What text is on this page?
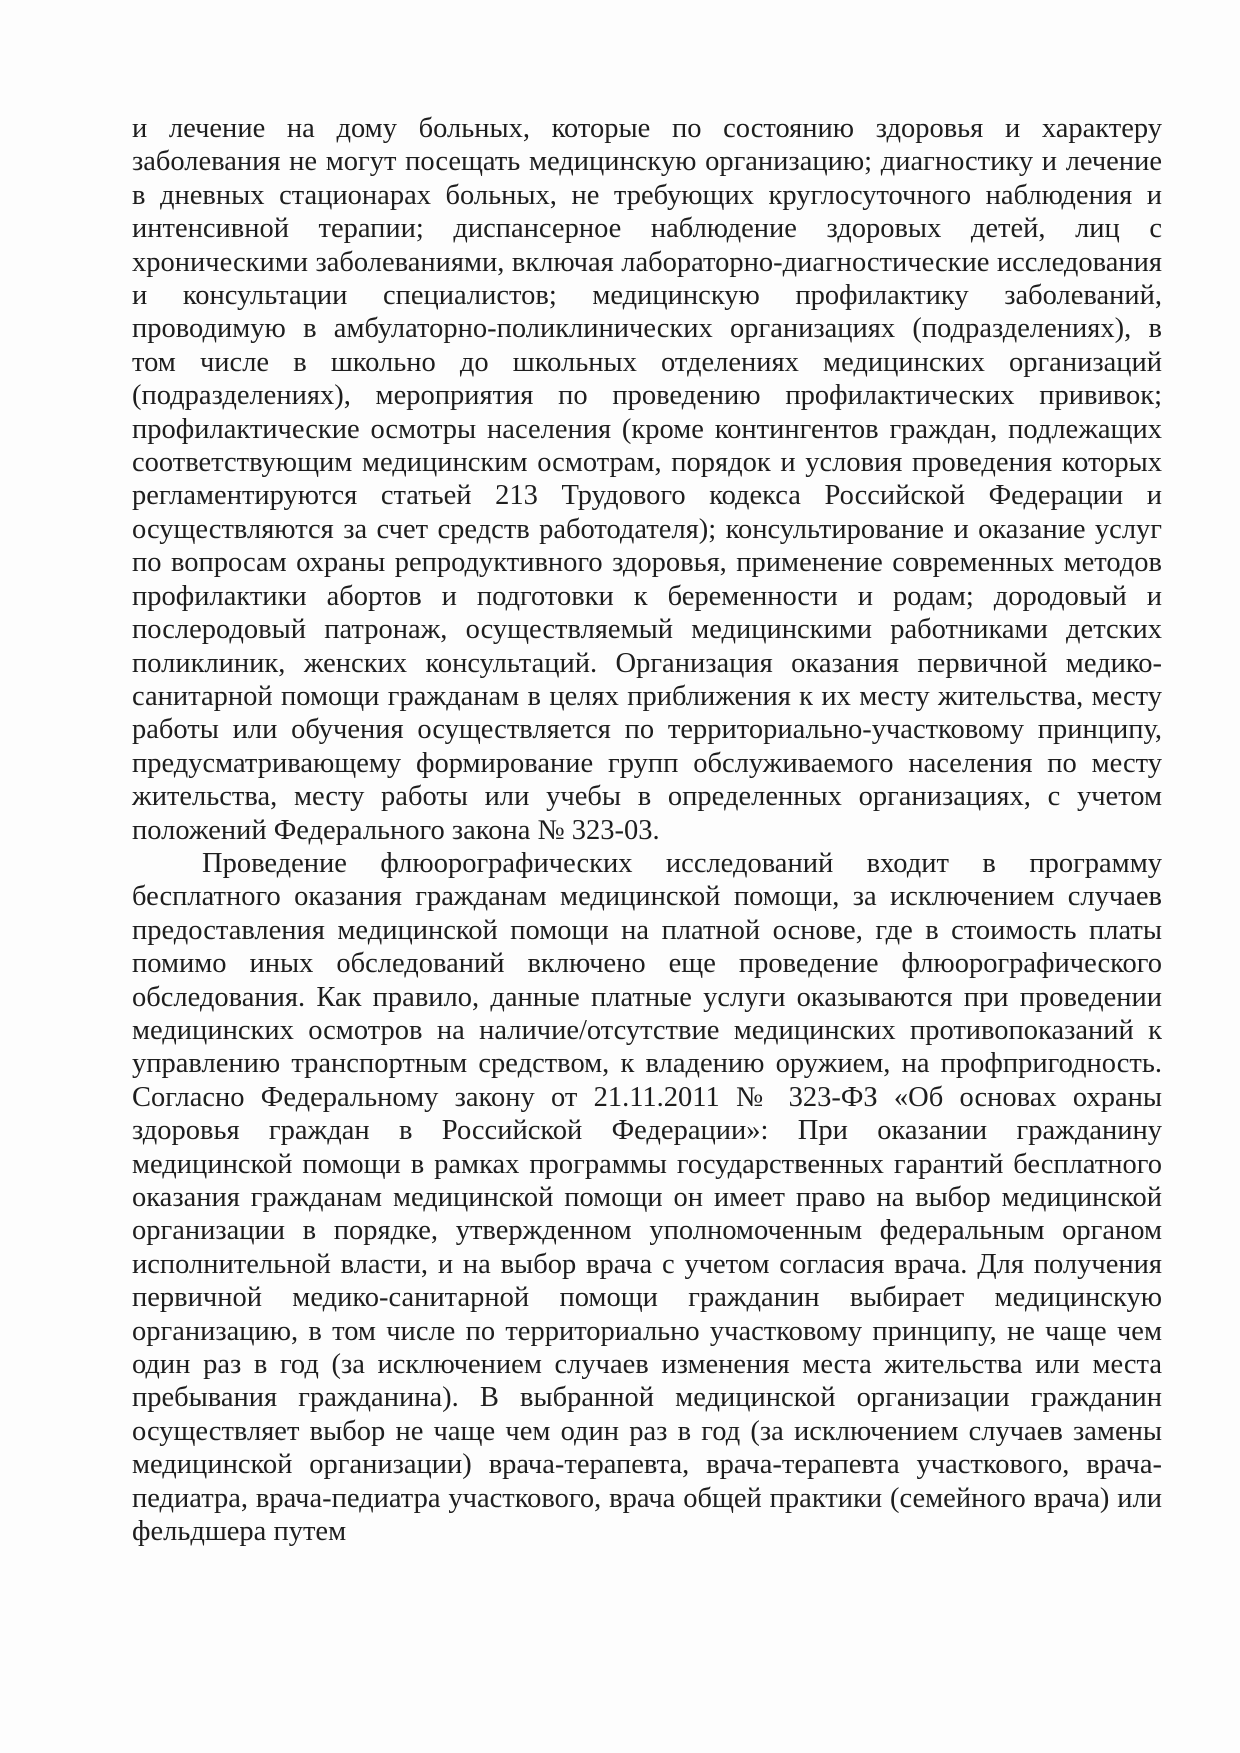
и лечение на дому больных, которые по состоянию здоровья и характеру заболевания не могут посещать медицинскую организацию; диагностику и лечение в дневных стационарах больных, не требующих круглосуточного наблюдения и интенсивной терапии; диспансерное наблюдение здоровых детей, лиц с хроническими заболеваниями, включая лабораторно-диагностические исследования и консультации специалистов; медицинскую профилактику заболеваний, проводимую в амбулаторно-поликлинических организациях (подразделениях), в том числе в школьно до школьных отделениях медицинских организаций (подразделениях), мероприятия по проведению профилактических прививок; профилактические осмотры населения (кроме контингентов граждан, подлежащих соответствующим медицинским осмотрам, порядок и условия проведения которых регламентируются статьей 213 Трудового кодекса Российской Федерации и осуществляются за счет средств работодателя); консультирование и оказание услуг по вопросам охраны репродуктивного здоровья, применение современных методов профилактики абортов и подготовки к беременности и родам; дородовый и послеродовый патронаж, осуществляемый медицинскими работниками детских поликлиник, женских консультаций. Организация оказания первичной медико-санитарной помощи гражданам в целях приближения к их месту жительства, месту работы или обучения осуществляется по территориально-участковому принципу, предусматривающему формирование групп обслуживаемого населения по месту жительства, месту работы или учебы в определенных организациях, с учетом положений Федерального закона № 323-03.

Проведение флюорографических исследований входит в программу бесплатного оказания гражданам медицинской помощи, за исключением случаев предоставления медицинской помощи на платной основе, где в стоимость платы помимо иных обследований включено еще проведение флюорографического обследования. Как правило, данные платные услуги оказываются при проведении медицинских осмотров на наличие/отсутствие медицинских противопоказаний к управлению транспортным средством, к владению оружием, на профпригодность. Согласно Федеральному закону от 21.11.2011 № 323-ФЗ «Об основах охраны здоровья граждан в Российской Федерации»: При оказании гражданину медицинской помощи в рамках программы государственных гарантий бесплатного оказания гражданам медицинской помощи он имеет право на выбор медицинской организации в порядке, утвержденном уполномоченным федеральным органом исполнительной власти, и на выбор врача с учетом согласия врача. Для получения первичной медико-санитарной помощи гражданин выбирает медицинскую организацию, в том числе по территориально участковому принципу, не чаще чем один раз в год (за исключением случаев изменения места жительства или места пребывания гражданина). В выбранной медицинской организации гражданин осуществляет выбор не чаще чем один раз в год (за исключением случаев замены медицинской организации) врача-терапевта, врача-терапевта участкового, врача-педиатра, врача-педиатра участкового, врача общей практики (семейного врача) или фельдшера путем
